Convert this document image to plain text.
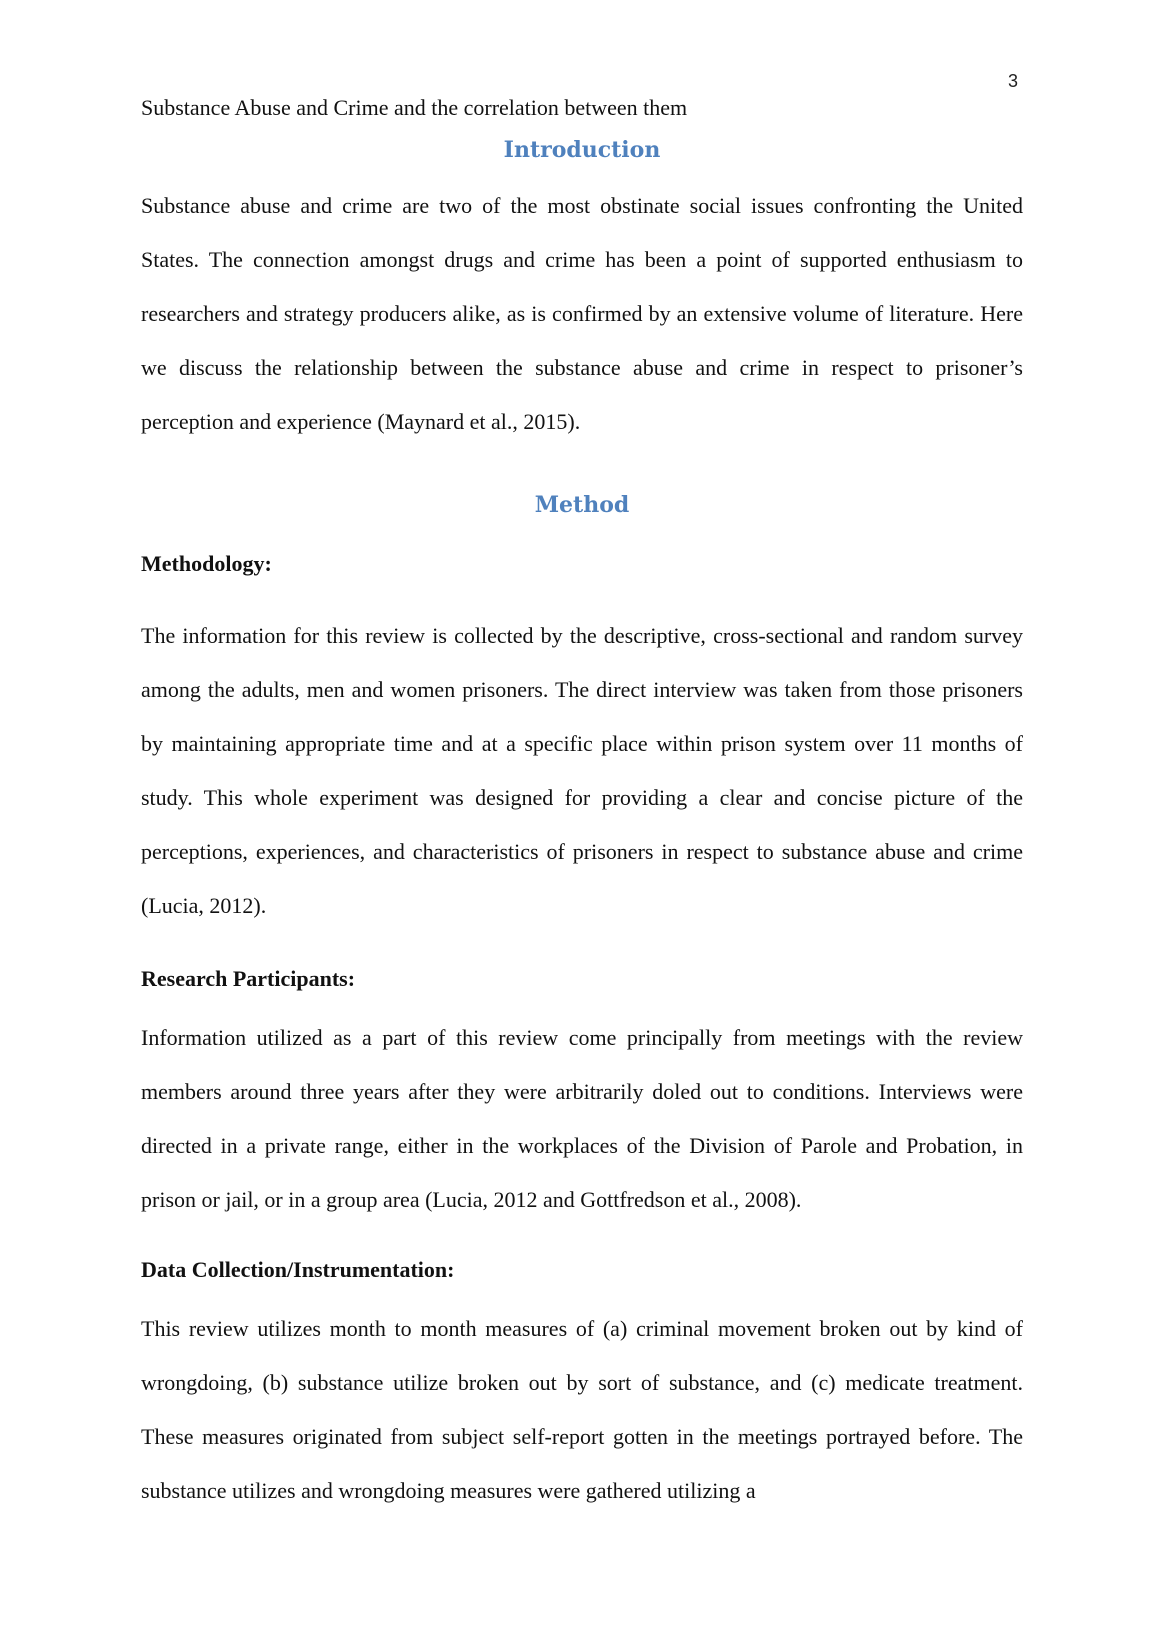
3
Substance Abuse and Crime and the correlation between them
Introduction

Substance abuse and crime are two of the most obstinate social issues confronting the United States. The connection amongst drugs and crime has been a point of supported enthusiasm to researchers and strategy producers alike, as is confirmed by an extensive volume of literature. Here we discuss the relationship between the substance abuse and crime in respect to prisoner’s perception and experience (Maynard et al., 2015).

Method
Methodology:

The information for this review is collected by the descriptive, cross-sectional and random survey among the adults, men and women prisoners. The direct interview was taken from those prisoners by maintaining appropriate time and at a specific place within prison system over 11 months of study. This whole experiment was designed for providing a clear and concise picture of the perceptions, experiences, and characteristics of prisoners in respect to substance abuse and crime (Lucia, 2012).

Research Participants:

Information utilized as a part of this review come principally from meetings with the review members around three years after they were arbitrarily doled out to conditions. Interviews were directed in a private range, either in the workplaces of the Division of Parole and Probation, in prison or jail, or in a group area (Lucia, 2012 and Gottfredson et al., 2008).

Data Collection/Instrumentation:

This review utilizes month to month measures of (a) criminal movement broken out by kind of wrongdoing, (b) substance utilize broken out by sort of substance, and (c) medicate treatment. These measures originated from subject self-report gotten in the meetings portrayed before. The substance utilizes and wrongdoing measures were gathered utilizing a
